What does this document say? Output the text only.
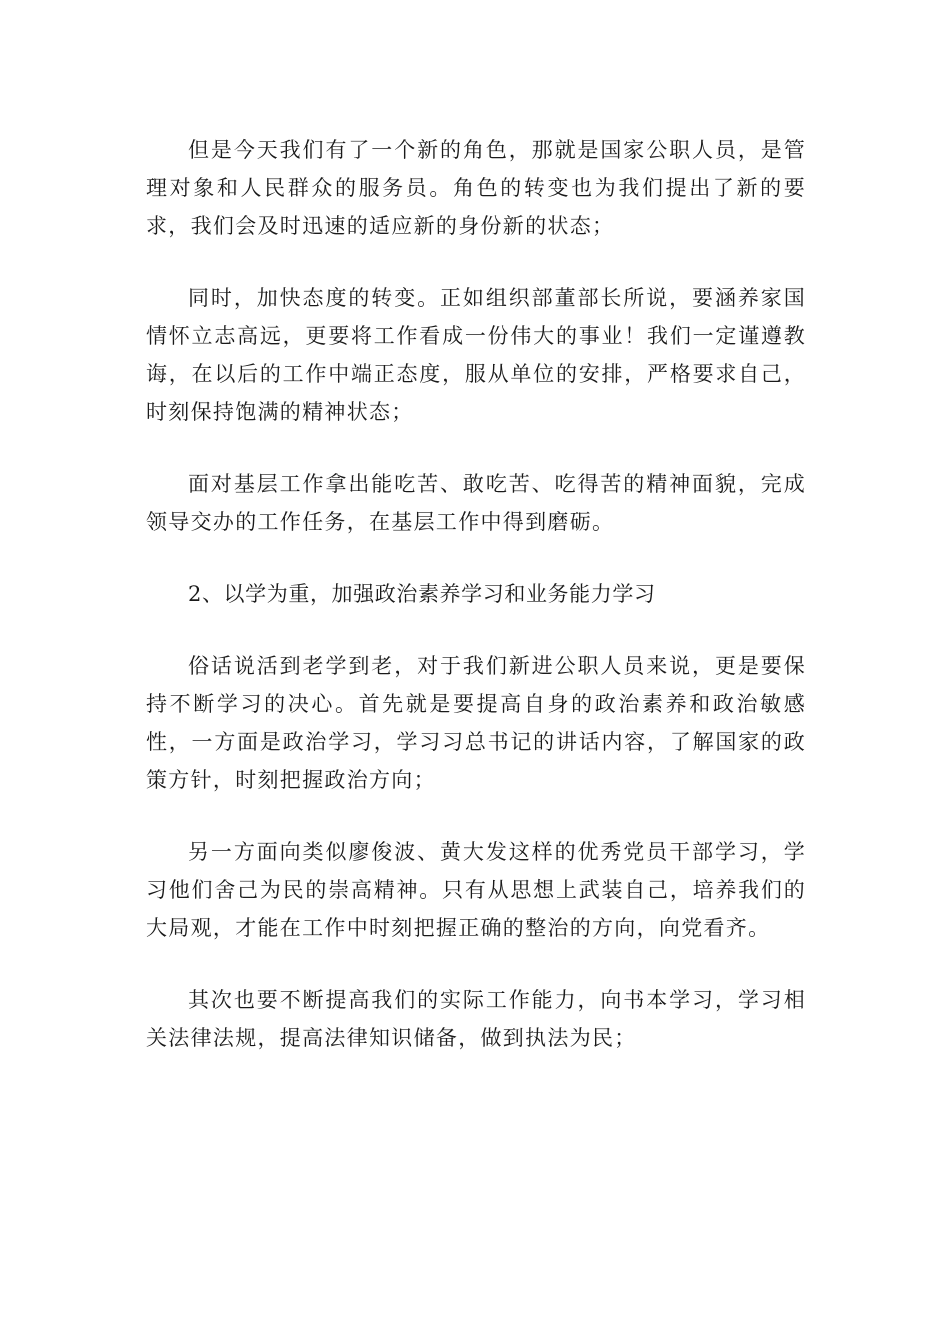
但是今天我们有了一个新的角色，那就是国家公职人员，是管理对象和人民群众的服务员。角色的转变也为我们提出了新的要求，我们会及时迅速的适应新的身份新的状态；

同时，加快态度的转变。正如组织部董部长所说，要涵养家国情怀立志高远，更要将工作看成一份伟大的事业！我们一定谨遵教诲，在以后的工作中端正态度，服从单位的安排，严格要求自己，时刻保持饱满的精神状态；

面对基层工作拿出能吃苦、敢吃苦、吃得苦的精神面貌，完成领导交办的工作任务，在基层工作中得到磨砺。

2、以学为重，加强政治素养学习和业务能力学习

俗话说活到老学到老，对于我们新进公职人员来说，更是要保持不断学习的决心。首先就是要提高自身的政治素养和政治敏感性，一方面是政治学习，学习习总书记的讲话内容，了解国家的政策方针，时刻把握政治方向；

另一方面向类似廖俊波、黄大发这样的优秀党员干部学习，学习他们舍己为民的崇高精神。只有从思想上武装自己，培养我们的大局观，才能在工作中时刻把握正确的整治的方向，向党看齐。

其次也要不断提高我们的实际工作能力，向书本学习，学习相关法律法规，提高法律知识储备，做到执法为民；
